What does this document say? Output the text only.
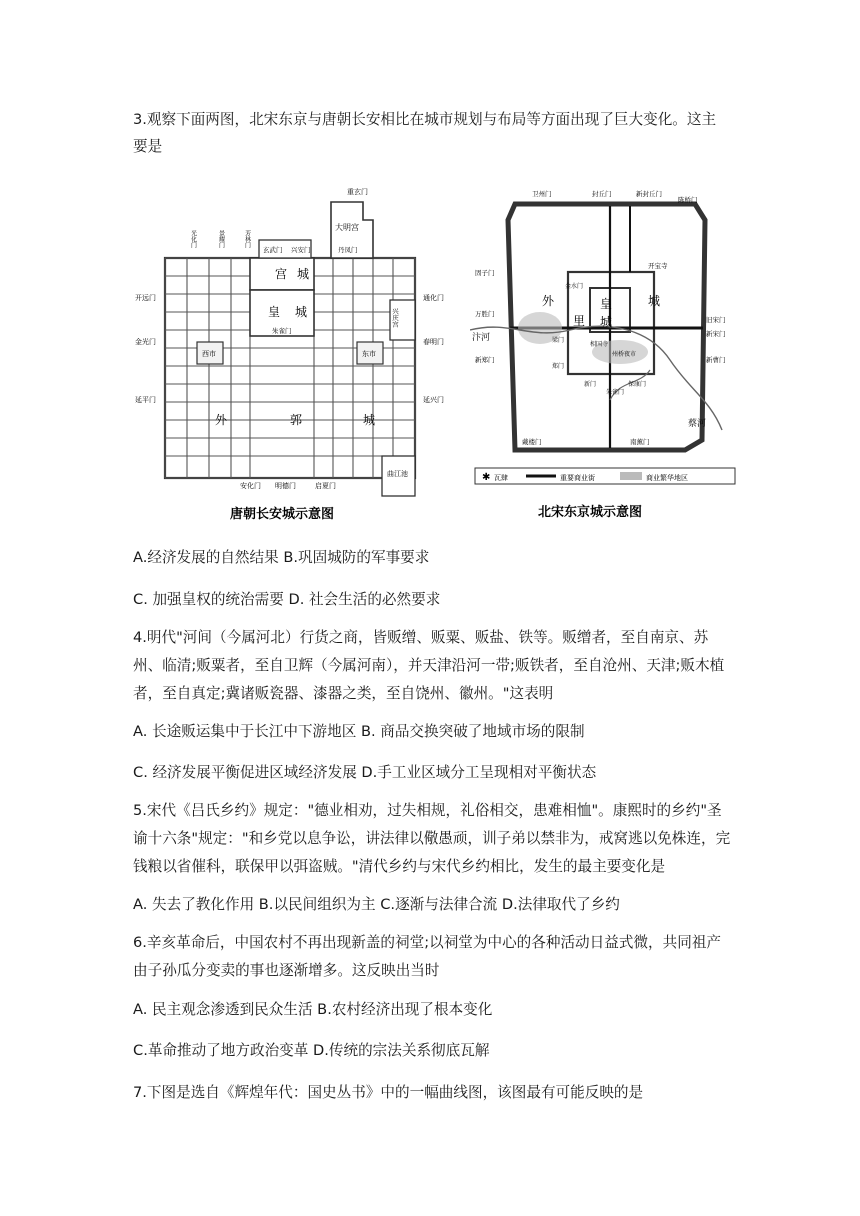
3.观察下面两图，北宋东京与唐朝长安相比在城市规划与布局等方面出现了巨大变化。这主

要是

重玄门
大明宫
光化门	景耀门	芳林门
玄武门 兴安门	丹凤门
宫 城
皇 城
朱雀门
兴庆宫
开远门
金光门
延平门
通化门
春明门
延兴门
西市	东市
外	郭	城
安化门 明德门	启夏门
曲江池
唐朝长安城示意图
卫州门	封丘门	新封丘门
陈桥门
固子门
外
里
皇
城
城
开宝寺
金水门
万胜门
新郑门
汴河
蔡河
梁门
郑门
相国寺
州桥夜市
旧宋门
新宋门
新曹门
新门
朱雀门
保康门
南薰门
戴楼门
✱ 瓦肆	重要商业街	商业繁华地区
北宋东京城示意图

A.经济发展的自然结果 B.巩固城防的军事要求

C. 加强皇权的统治需要 D. 社会生活的必然要求

4.明代"河间（今属河北）行货之商，皆贩缯、贩粟、贩盐、铁等。贩缯者，至自南京、苏州、临清;贩粟者，至自卫辉（今属河南），并天津沿河一带;贩铁者，至自沧州、天津;贩木植者，至自真定;冀诸贩瓷器、漆器之类，至自饶州、徽州。"这表明

A. 长途贩运集中于长江中下游地区 B. 商品交换突破了地域市场的限制

C. 经济发展平衡促进区域经济发展 D.手工业区域分工呈现相对平衡状态

5.宋代《吕氏乡约》规定："德业相劝，过失相规，礼俗相交，患难相恤"。康熙时的乡约"圣谕十六条"规定："和乡党以息争讼，讲法律以儆愚顽，训子弟以禁非为，戒窝逃以免株连，完钱粮以省催科，联保甲以弭盗贼。"清代乡约与宋代乡约相比，发生的最主要变化是

A. 失去了教化作用 B.以民间组织为主 C.逐渐与法律合流 D.法律取代了乡约

6.辛亥革命后，中国农村不再出现新盖的祠堂;以祠堂为中心的各种活动日益式微，共同祖产由子孙瓜分变卖的事也逐渐增多。这反映出当时

A. 民主观念渗透到民众生活 B.农村经济出现了根本变化

C.革命推动了地方政治变革 D.传统的宗法关系彻底瓦解

7.下图是选自《辉煌年代：国史丛书》中的一幅曲线图，该图最有可能反映的是
